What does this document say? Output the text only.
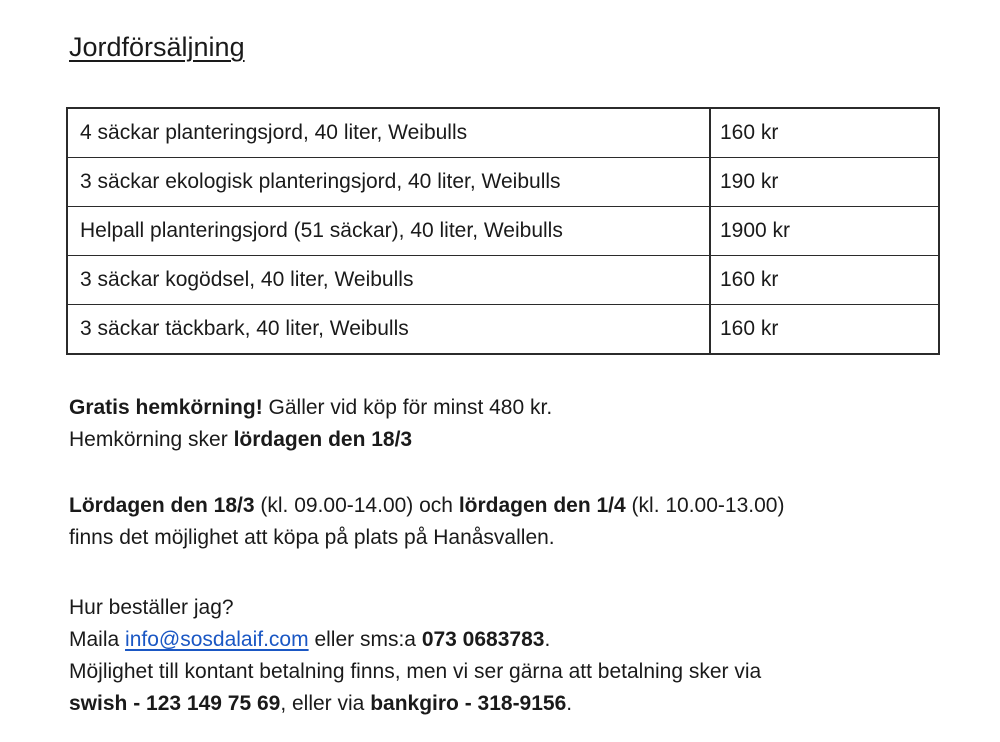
Jordförsäljning
4 säckar planteringsjord, 40 liter, Weibulls	160 kr
3 säckar ekologisk planteringsjord, 40 liter, Weibulls	190 kr
Helpall planteringsjord (51 säckar), 40 liter, Weibulls	1900 kr
3 säckar kogödsel, 40 liter, Weibulls	160 kr
3 säckar täckbark, 40 liter, Weibulls	160 kr
Gratis hemkörning! Gäller vid köp för minst 480 kr.
Hemkörning sker lördagen den 18/3
Lördagen den 18/3 (kl. 09.00-14.00) och lördagen den 1/4 (kl. 10.00-13.00)
finns det möjlighet att köpa på plats på Hanåsvallen.
Hur beställer jag?
Maila info@sosdalaif.com eller sms:a 073 0683783.
Möjlighet till kontant betalning finns, men vi ser gärna att betalning sker via
swish - 123 149 75 69, eller via bankgiro - 318-9156.
